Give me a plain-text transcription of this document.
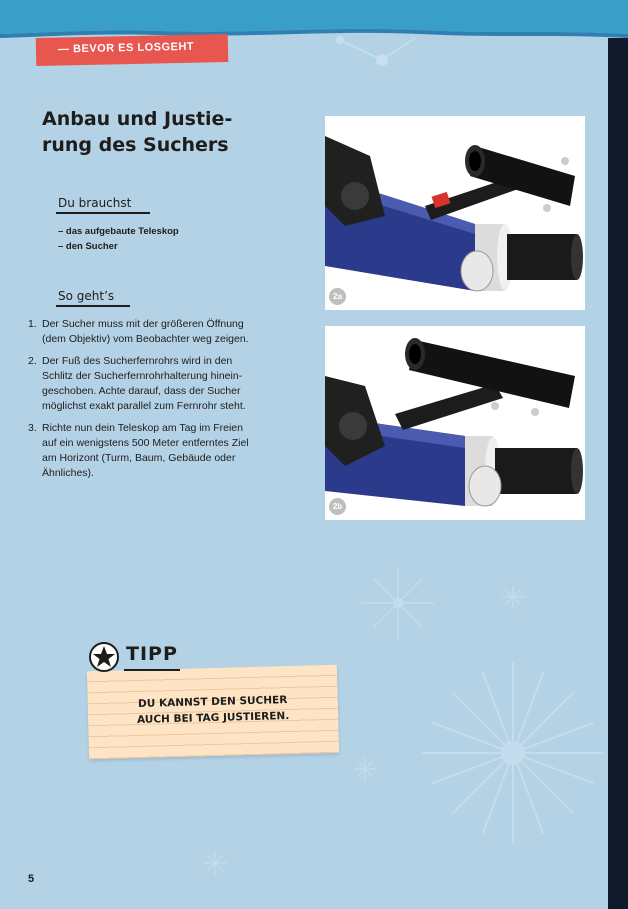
— BEVOR ES LOSGEHT
Anbau und Justie-
rung des Suchers
Du brauchst
– das aufgebaute Teleskop
– den Sucher
So geht’s
1. Der Sucher muss mit der größeren Öffnung
(dem Objektiv) vom Beobachter weg zeigen.
2. Der Fuß des Sucherfernrohrs wird in den
Schlitz der Sucherfernrohrhalterung hinein-
geschoben. Achte darauf, dass der Sucher
möglichst exakt parallel zum Fernrohr steht.
3. Richte nun dein Teleskop am Tag im Freien
auf ein wenigstens 500 Meter entferntes Ziel
am Horizont (Turm, Baum, Gebäude oder
Ähnliches).
2a
2b
DU KANNST DEN SUCHER
AUCH BEI TAG JUSTIEREN.
TIPP
5
